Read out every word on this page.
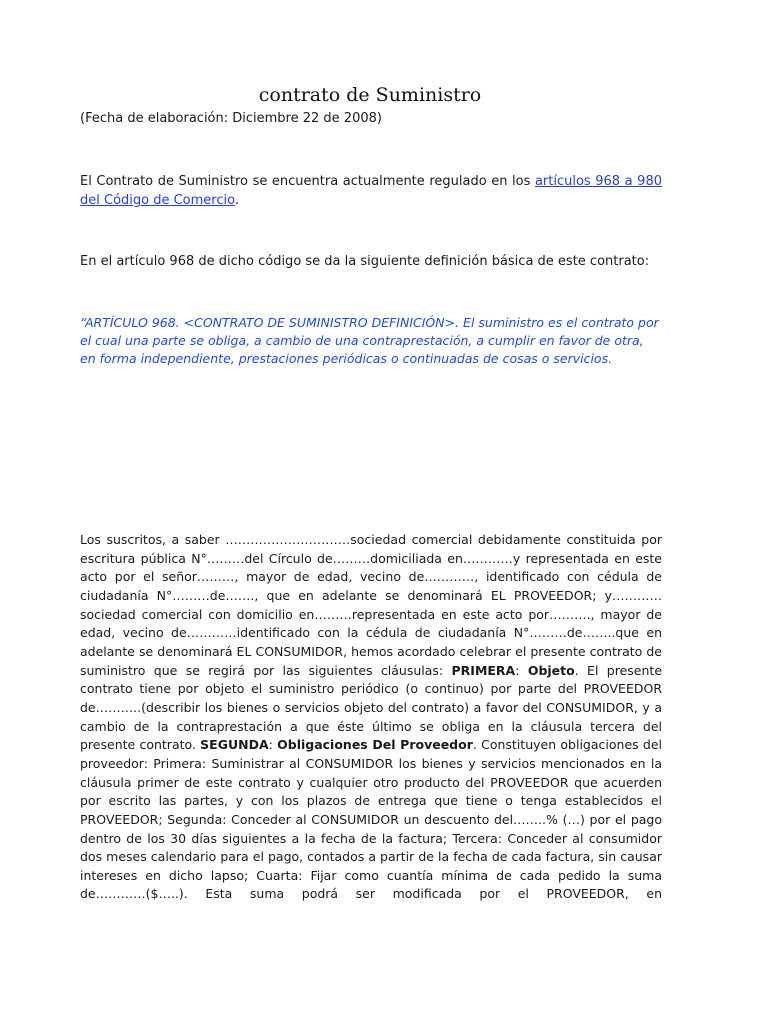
contrato de Suministro
(Fecha de elaboración: Diciembre 22 de 2008)
El Contrato de Suministro se encuentra actualmente regulado en los artículos 968 a 980 del Código de Comercio.
En el artículo 968 de dicho código se da la siguiente definición básica de este contrato:
“ARTÍCULO 968. <CONTRATO DE SUMINISTRO DEFINICIÓN>. El suministro es el contrato por el cual una parte se obliga, a cambio de una contraprestación, a cumplir en favor de otra, en forma independiente, prestaciones periódicas o continuadas de cosas o servicios.
Los suscritos, a saber …………………………sociedad comercial debidamente constituida por escritura pública N°………del Círculo de………domiciliada en…………y representada en este acto por el señor………, mayor de edad, vecino de…………, identificado con cédula de ciudadanía N°………de……., que en adelante se denominará EL PROVEEDOR; y………… sociedad comercial con domicilio en………representada en este acto por………., mayor de edad, vecino de…………identificado con la cédula de ciudadanía N°………de……..que en adelante se denominará EL CONSUMIDOR, hemos acordado celebrar el presente contrato de suministro que se regirá por las siguientes cláusulas: PRIMERA: Objeto. El presente contrato tiene por objeto el suministro periódico (o continuo) por parte del PROVEEDOR de………..(describir los bienes o servicios objeto del contrato) a favor del CONSUMIDOR, y a cambio de la contraprestación a que éste último se obliga en la cláusula tercera del presente contrato. SEGUNDA: Obligaciones Del Proveedor. Constituyen obligaciones del proveedor: Primera: Suministrar al CONSUMIDOR los bienes y servicios mencionados en la cláusula primer de este contrato y cualquier otro producto del PROVEEDOR que acuerden por escrito las partes, y con los plazos de entrega que tiene o tenga establecidos el PROVEEDOR; Segunda: Conceder al CONSUMIDOR un descuento del……..% (…) por el pago dentro de los 30 días siguientes a la fecha de la factura; Tercera: Conceder al consumidor dos meses calendario para el pago, contados a partir de la fecha de cada factura, sin causar intereses en dicho lapso; Cuarta: Fijar como cuantía mínima de cada pedido la suma de…………($…..). Esta suma podrá ser modificada por el PROVEEDOR, en
